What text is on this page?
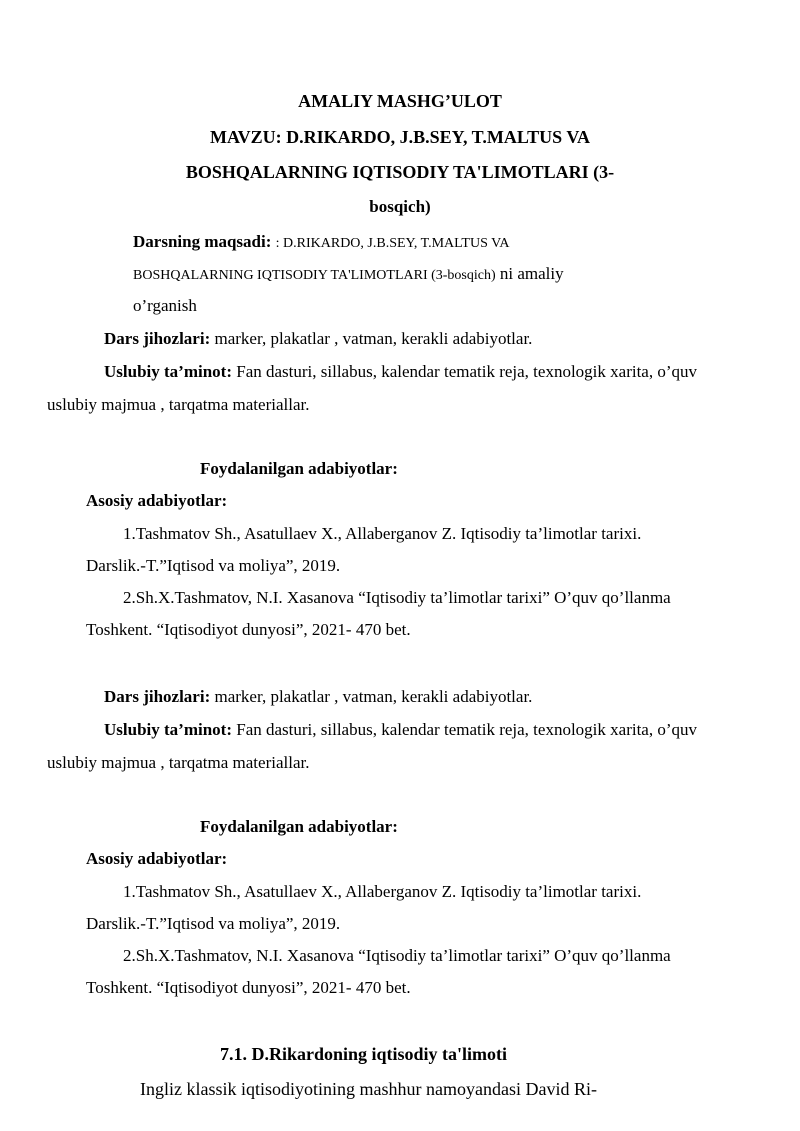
AMALIY MASHG’ULOT
MAVZU: D.RIKARDO, J.B.SEY, T.MALTUS VA
BOSHQALARNING IQTISODIY TA'LIMOTLARI (3-
bosqich)
Darsning maqsadi: : D.RIKARDO, J.B.SEY, T.MALTUS VA
BOSHQALARNING IQTISODIY TA'LIMOTLARI (3-bosqich) ni amaliy
o’rganish
Dars jihozlari: marker, plakatlar , vatman, kerakli adabiyotlar.
Uslubiy ta’minot: Fan dasturi, sillabus, kalendar tematik reja, texnologik xarita, o’quv
uslubiy majmua , tarqatma materiallar.
Foydalanilgan adabiyotlar:
Asosiy adabiyotlar:
1.Tashmatov Sh., Asatullaev X., Allaberganov Z. Iqtisodiy ta’limotlar tarixi.
Darslik.-T.”Iqtisod va moliya”, 2019.
2.Sh.X.Tashmatov, N.I. Xasanova “Iqtisodiy ta’limotlar tarixi” O’quv qo’llanma
Toshkent. “Iqtisodiyot dunyosi”, 2021- 470 bet.
Dars jihozlari: marker, plakatlar , vatman, kerakli adabiyotlar.
Uslubiy ta’minot: Fan dasturi, sillabus, kalendar tematik reja, texnologik xarita, o’quv
uslubiy majmua , tarqatma materiallar.
Foydalanilgan adabiyotlar:
Asosiy adabiyotlar:
1.Tashmatov Sh., Asatullaev X., Allaberganov Z. Iqtisodiy ta’limotlar tarixi.
Darslik.-T.”Iqtisod va moliya”, 2019.
2.Sh.X.Tashmatov, N.I. Xasanova “Iqtisodiy ta’limotlar tarixi” O’quv qo’llanma
Toshkent. “Iqtisodiyot dunyosi”, 2021- 470 bet.
7.1. D.Rikardoning iqtisodiy ta'limoti
Ingliz klassik iqtisodiyotining mashhur namoyandasi David Ri-
